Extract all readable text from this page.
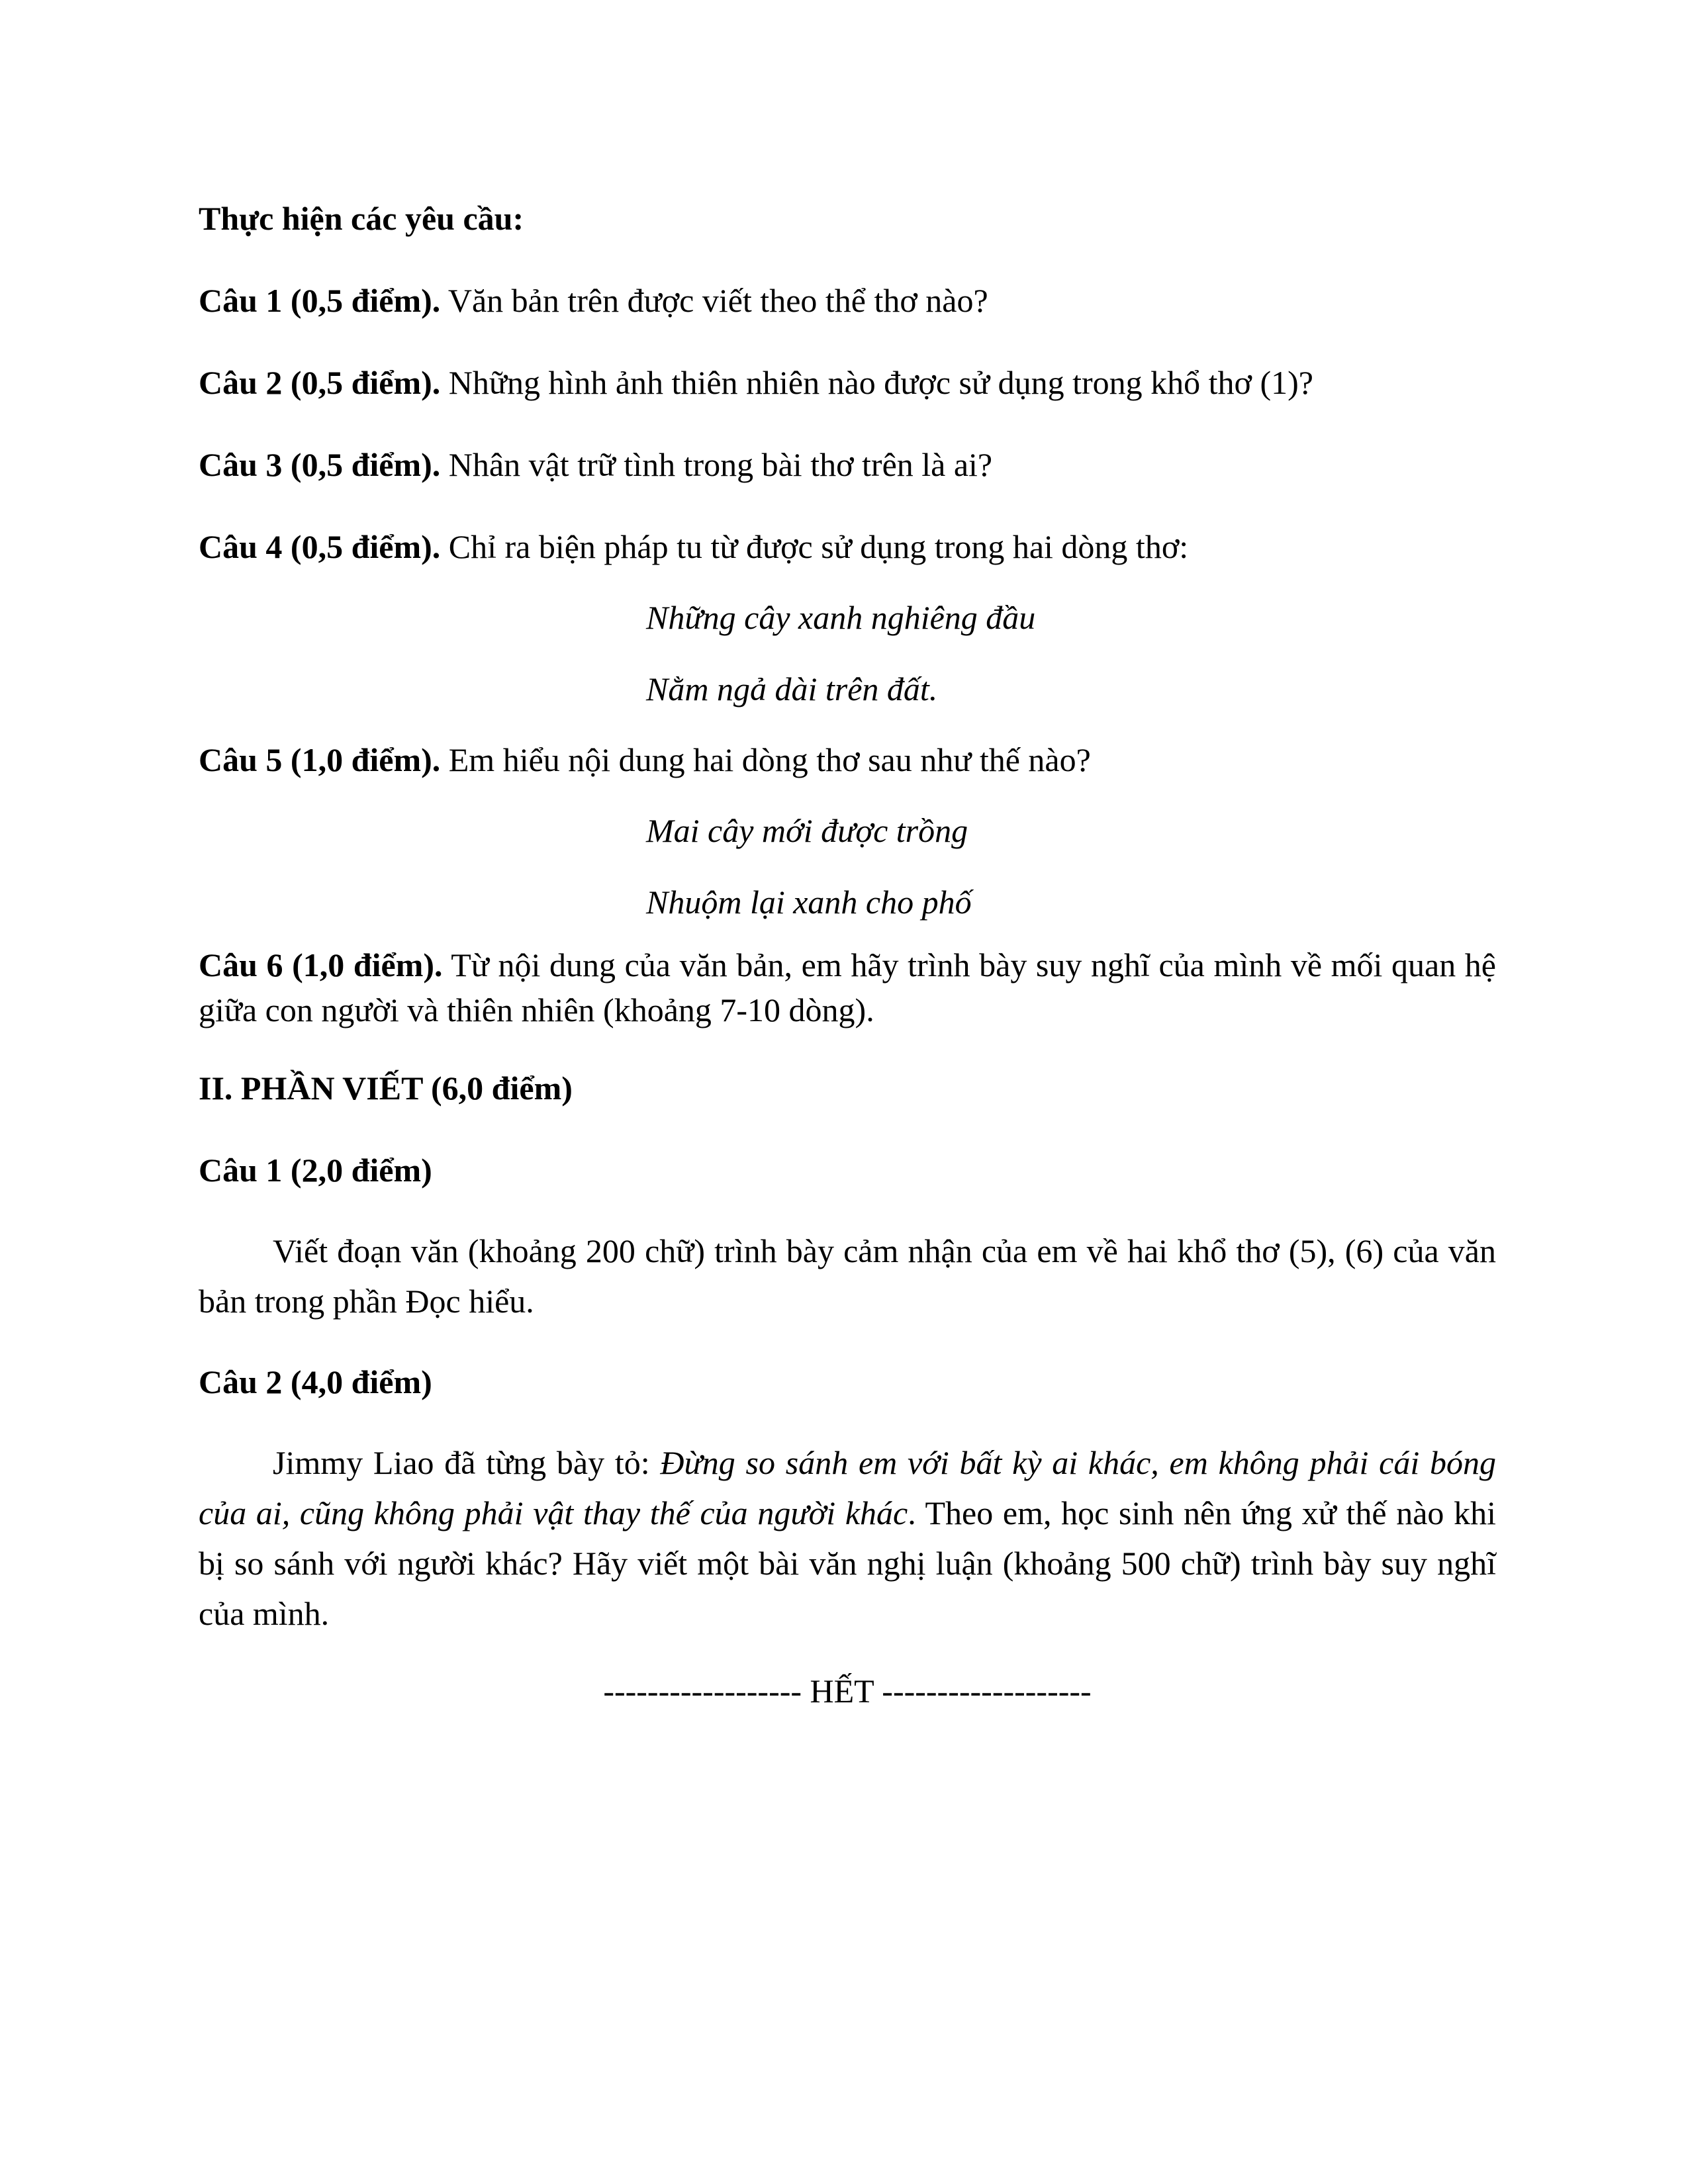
Thực hiện các yêu cầu:

Câu 1 (0,5 điểm). Văn bản trên được viết theo thể thơ nào?

Câu 2 (0,5 điểm). Những hình ảnh thiên nhiên nào được sử dụng trong khổ thơ (1)?

Câu 3 (0,5 điểm). Nhân vật trữ tình trong bài thơ trên là ai?

Câu 4 (0,5 điểm). Chỉ ra biện pháp tu từ được sử dụng trong hai dòng thơ:

Những cây xanh nghiêng đầu
Nằm ngả dài trên đất.

Câu 5 (1,0 điểm). Em hiểu nội dung hai dòng thơ sau như thế nào?

Mai cây mới được trồng
Nhuộm lại xanh cho phố

Câu 6 (1,0 điểm). Từ nội dung của văn bản, em hãy trình bày suy nghĩ của mình về mối quan hệ giữa con người và thiên nhiên (khoảng 7-10 dòng).

II. PHẦN VIẾT (6,0 điểm)

Câu 1 (2,0 điểm)

Viết đoạn văn (khoảng 200 chữ) trình bày cảm nhận của em về hai khổ thơ (5), (6) của văn bản trong phần Đọc hiểu.

Câu 2 (4,0 điểm)

Jimmy Liao đã từng bày tỏ: Đừng so sánh em với bất kỳ ai khác, em không phải cái bóng của ai, cũng không phải vật thay thế của người khác. Theo em, học sinh nên ứng xử thế nào khi bị so sánh với người khác? Hãy viết một bài văn nghị luận (khoảng 500 chữ) trình bày suy nghĩ của mình.

------------------ HẾT -------------------
